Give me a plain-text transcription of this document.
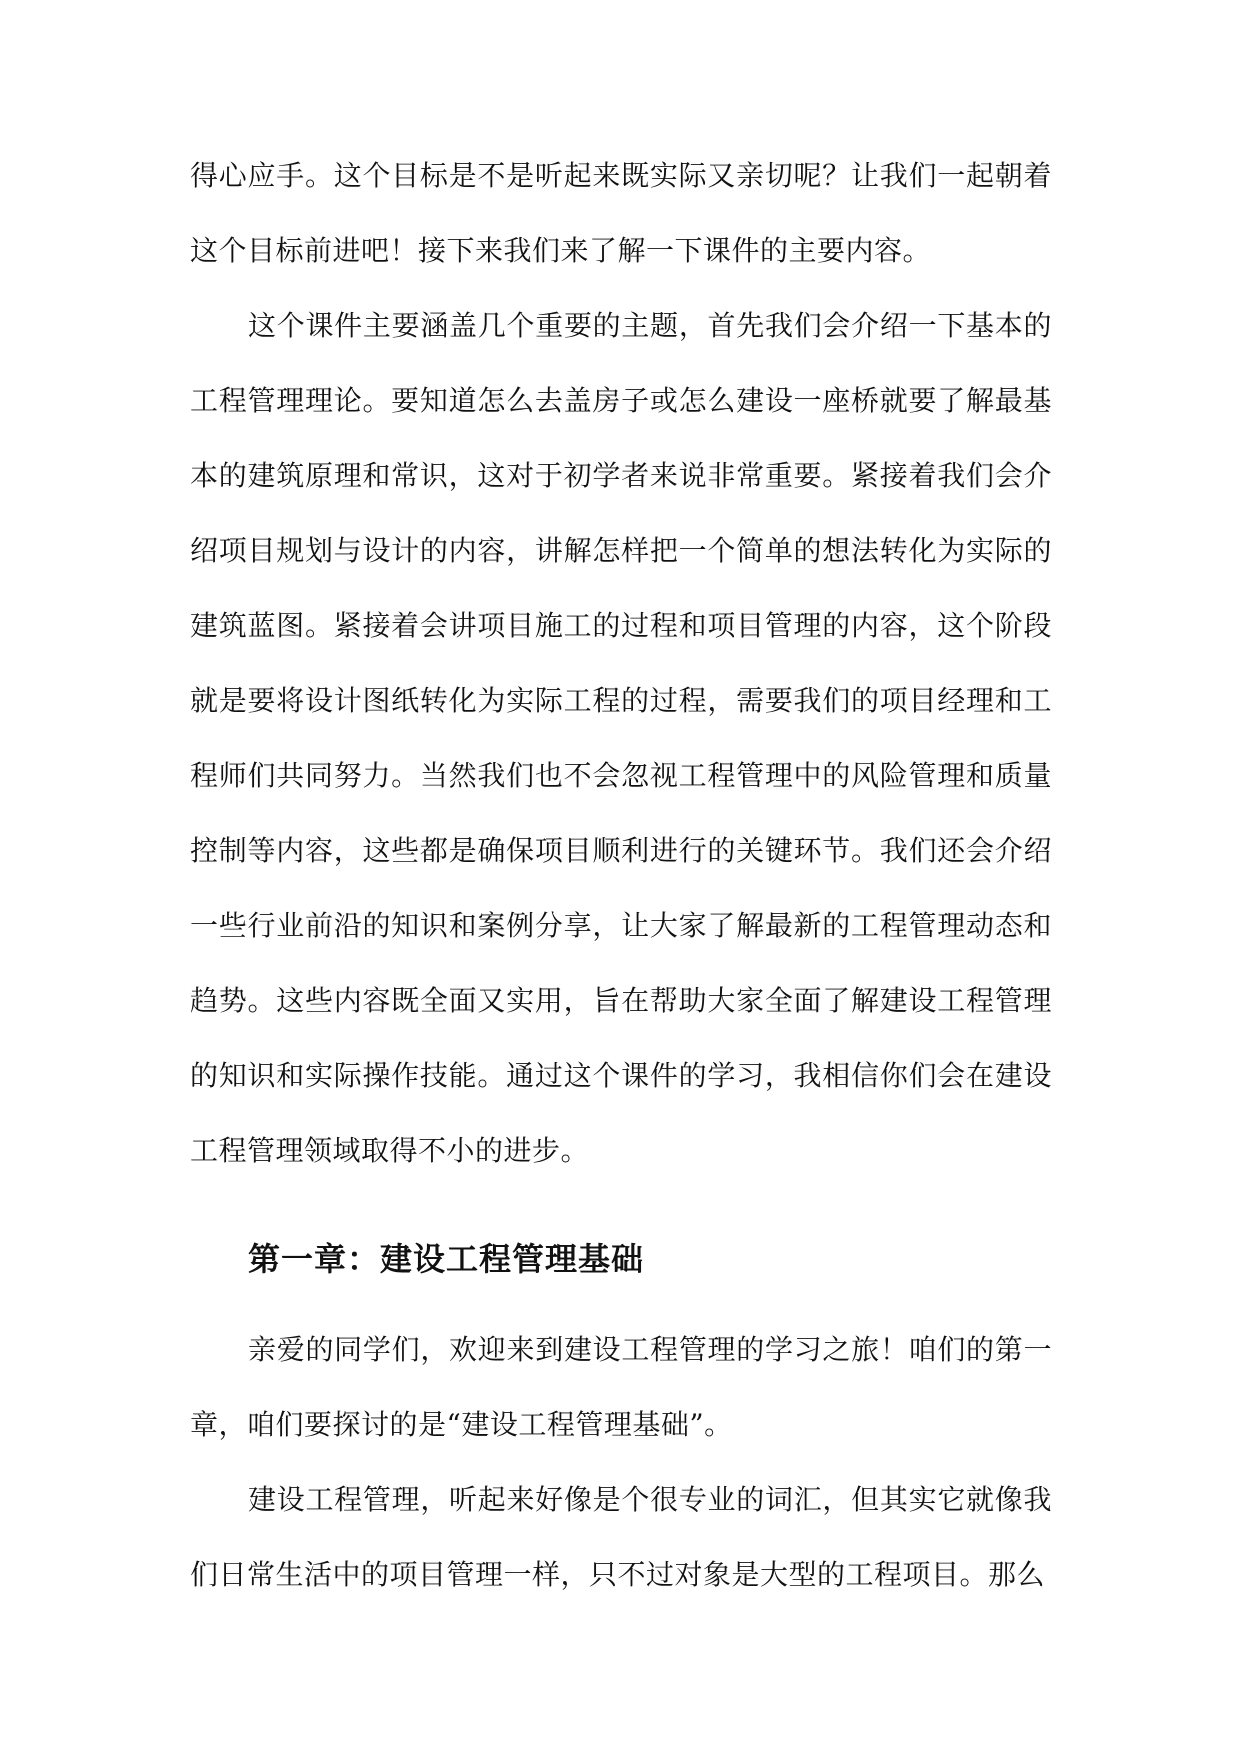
得心应手。这个目标是不是听起来既实际又亲切呢？让我们一起朝着这个目标前进吧！接下来我们来了解一下课件的主要内容。

这个课件主要涵盖几个重要的主题，首先我们会介绍一下基本的工程管理理论。要知道怎么去盖房子或怎么建设一座桥就要了解最基本的建筑原理和常识，这对于初学者来说非常重要。紧接着我们会介绍项目规划与设计的内容，讲解怎样把一个简单的想法转化为实际的建筑蓝图。紧接着会讲项目施工的过程和项目管理的内容，这个阶段就是要将设计图纸转化为实际工程的过程，需要我们的项目经理和工程师们共同努力。当然我们也不会忽视工程管理中的风险管理和质量控制等内容，这些都是确保项目顺利进行的关键环节。我们还会介绍一些行业前沿的知识和案例分享，让大家了解最新的工程管理动态和趋势。这些内容既全面又实用，旨在帮助大家全面了解建设工程管理的知识和实际操作技能。通过这个课件的学习，我相信你们会在建设工程管理领域取得不小的进步。

第一章：建设工程管理基础

亲爱的同学们，欢迎来到建设工程管理的学习之旅！咱们的第一章，咱们要探讨的是“建设工程管理基础”。

建设工程管理，听起来好像是个很专业的词汇，但其实它就像我们日常生活中的项目管理一样，只不过对象是大型的工程项目。那么
